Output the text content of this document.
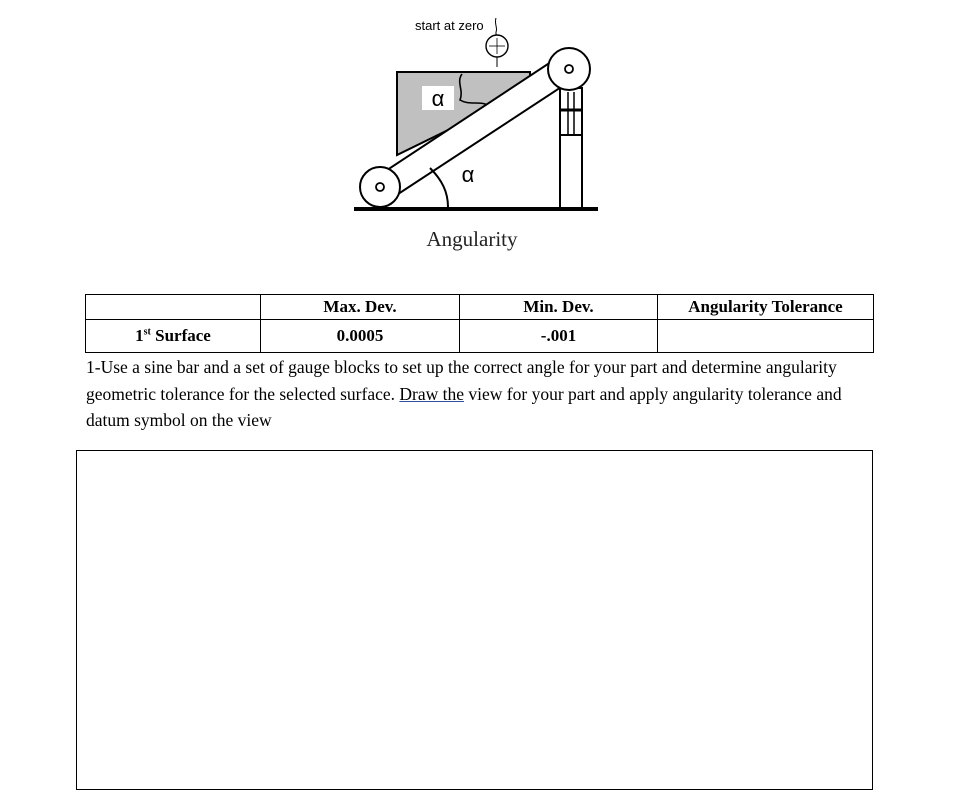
start at zero
α
α
Angularity
	Max. Dev.	Min. Dev.	Angularity Tolerance
1st Surface	0.0005	-.001	
1-Use a sine bar and a set of gauge blocks to set up the correct angle for your part and determine angularity geometric tolerance for the selected surface. Draw the view for your part and apply angularity tolerance and datum symbol on the view
